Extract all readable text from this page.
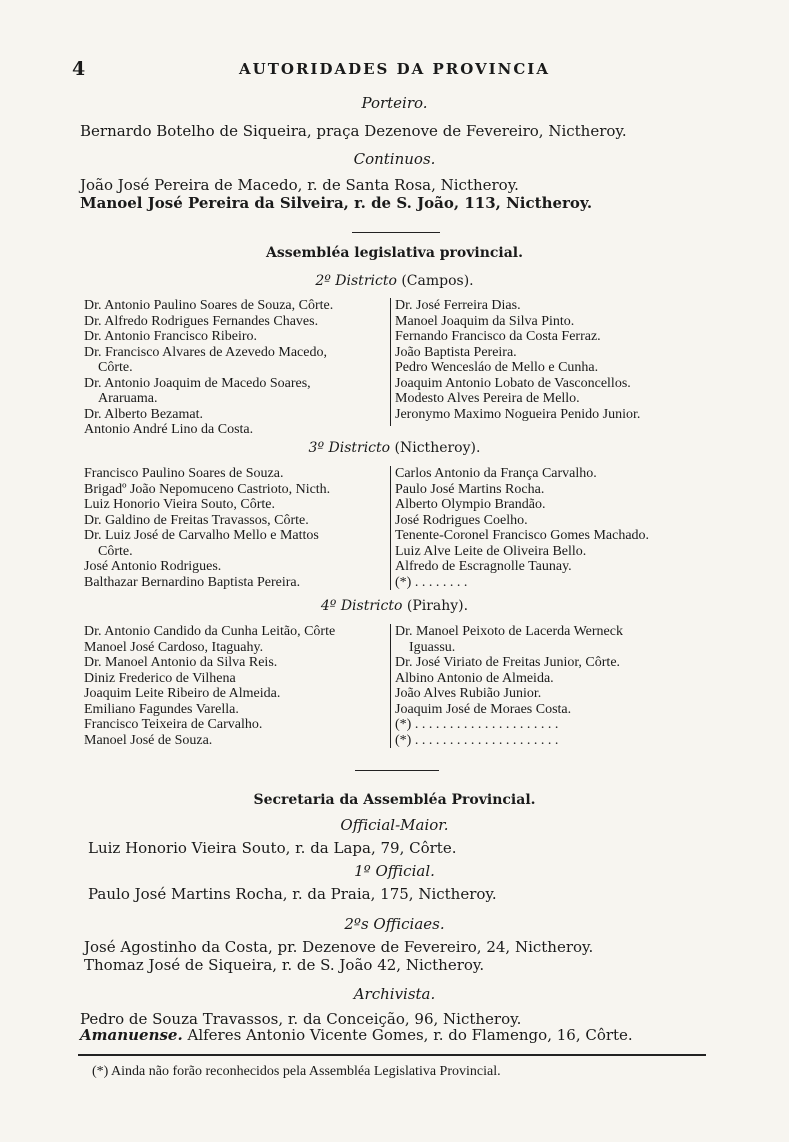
4	AUTORIDADES DA PROVINCIA
Porteiro.
Bernardo Botelho de Siqueira, praça Dezenove de Fevereiro, Nictheroy.
Continuos.
João José Pereira de Macedo, r. de Santa Rosa, Nictheroy.
Manoel José Pereira da Silveira, r. de S. João, 113, Nictheroy.
Assembléa legislativa provincial.
2º Districto (Campos).
Dr. Antonio Paulino Soares de Souza, Côrte.
Dr. Alfredo Rodrigues Fernandes Chaves.
Dr. Antonio Francisco Ribeiro.
Dr. Francisco Alvares de Azevedo Macedo,
Côrte.
Dr. Antonio Joaquim de Macedo Soares,
Araruama.
Dr. Alberto Bezamat.
Antonio André Lino da Costa.
Dr. José Ferreira Dias.
Manoel Joaquim da Silva Pinto.
Fernando Francisco da Costa Ferraz.
João Baptista Pereira.
Pedro Wencesláo de Mello e Cunha.
Joaquim Antonio Lobato de Vasconcellos.
Modesto Alves Pereira de Mello.
Jeronymo Maximo Nogueira Penido Junior.
3º Districto (Nictheroy).
Francisco Paulino Soares de Souza.
Brigadº João Nepomuceno Castrioto, Nicth.
Luiz Honorio Vieira Souto, Côrte.
Dr. Galdino de Freitas Travassos, Côrte.
Dr. Luiz José de Carvalho Mello e Mattos
Côrte.
José Antonio Rodrigues.
Balthazar Bernardino Baptista Pereira.
Carlos Antonio da França Carvalho.
Paulo José Martins Rocha.
Alberto Olympio Brandão.
José Rodrigues Coelho.
Tenente-Coronel Francisco Gomes Machado.
Luiz Alve Leite de Oliveira Bello.
Alfredo de Escragnolle Taunay.
(*) . . . . . . . .
4º Districto (Pirahy).
Dr. Antonio Candido da Cunha Leitão, Côrte
Manoel José Cardoso, Itaguahy.
Dr. Manoel Antonio da Silva Reis.
Diniz Frederico de Vilhena
Joaquim Leite Ribeiro de Almeida.
Emiliano Fagundes Varella.
Francisco Teixeira de Carvalho.
Manoel José de Souza.
Dr. Manoel Peixoto de Lacerda Werneck
Iguassu.
Dr. José Viriato de Freitas Junior, Côrte.
Albino Antonio de Almeida.
João Alves Rubião Junior.
Joaquim José de Moraes Costa.
(*) . . . . . . . . . . . . . . . . . . . . .
(*) . . . . . . . . . . . . . . . . . . . . .
Secretaria da Assembléa Provincial.
Official-Maior.
Luiz Honorio Vieira Souto, r. da Lapa, 79, Côrte.
1º Official.
Paulo José Martins Rocha, r. da Praia, 175, Nictheroy.
2ºs Officiaes.
José Agostinho da Costa, pr. Dezenove de Fevereiro, 24, Nictheroy.
Thomaz José de Siqueira, r. de S. João 42, Nictheroy.
Archivista.
Pedro de Souza Travassos, r. da Conceição, 96, Nictheroy.
Amanuense. Alferes Antonio Vicente Gomes, r. do Flamengo, 16, Côrte.
(*) Ainda não forão reconhecidos pela Assembléa Legislativa Provincial.
